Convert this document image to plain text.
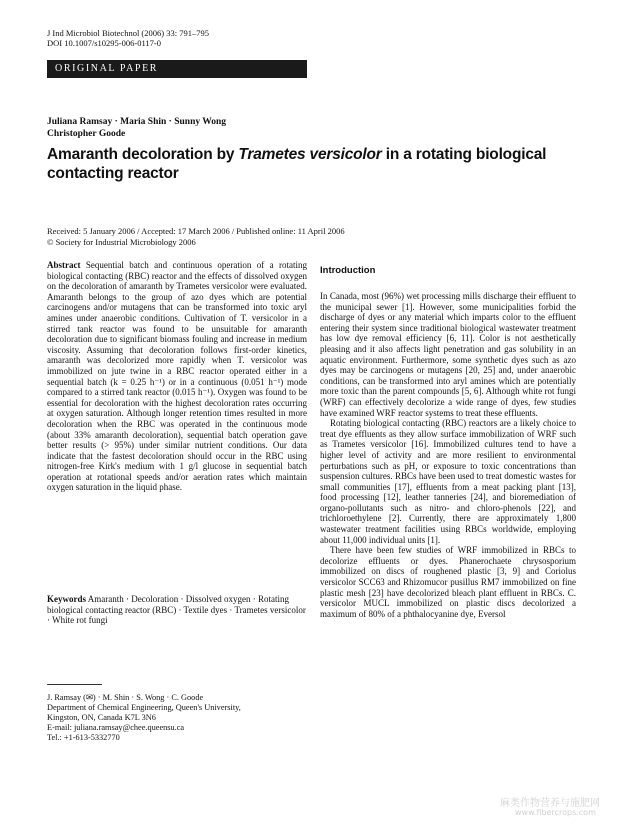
J Ind Microbiol Biotechnol (2006) 33: 791–795
DOI 10.1007/s10295-006-0117-0
ORIGINAL PAPER
Juliana Ramsay · Maria Shin · Sunny Wong
Christopher Goode
Amaranth decoloration by Trametes versicolor in a rotating biological contacting reactor
Received: 5 January 2006 / Accepted: 17 March 2006 / Published online: 11 April 2006
© Society for Industrial Microbiology 2006
Abstract Sequential batch and continuous operation of a rotating biological contacting (RBC) reactor and the effects of dissolved oxygen on the decoloration of amaranth by Trametes versicolor were evaluated. Amaranth belongs to the group of azo dyes which are potential carcinogens and/or mutagens that can be transformed into toxic aryl amines under anaerobic conditions. Cultivation of T. versicolor in a stirred tank reactor was found to be unsuitable for amaranth decoloration due to significant biomass fouling and increase in medium viscosity. Assuming that decoloration follows first-order kinetics, amaranth was decolorized more rapidly when T. versicolor was immobilized on jute twine in a RBC reactor operated either in a sequential batch (k = 0.25 h⁻¹) or in a continuous (0.051 h⁻¹) mode compared to a stirred tank reactor (0.015 h⁻¹). Oxygen was found to be essential for decoloration with the highest decoloration rates occurring at oxygen saturation. Although longer retention times resulted in more decoloration when the RBC was operated in the continuous mode (about 33% amaranth decoloration), sequential batch operation gave better results (> 95%) under similar nutrient conditions. Our data indicate that the fastest decoloration should occur in the RBC using nitrogen-free Kirk's medium with 1 g/l glucose in sequential batch operation at rotational speeds and/or aeration rates which maintain oxygen saturation in the liquid phase.
Keywords Amaranth · Decoloration · Dissolved oxygen · Rotating biological contacting reactor (RBC) · Textile dyes · Trametes versicolor · White rot fungi
J. Ramsay (✉) · M. Shin · S. Wong · C. Goode
Department of Chemical Engineering, Queen's University,
Kingston, ON, Canada K7L 3N6
E-mail: juliana.ramsay@chee.queensu.ca
Tel.: +1-613-5332770
Introduction

In Canada, most (96%) wet processing mills discharge their effluent to the municipal sewer [1]. However, some municipalities forbid the discharge of dyes or any material which imparts color to the effluent entering their system since traditional biological wastewater treatment has low dye removal efficiency [6, 11]. Color is not aesthetically pleasing and it also affects light penetration and gas solubility in an aquatic environment. Furthermore, some synthetic dyes such as azo dyes may be carcinogens or mutagens [20, 25] and, under anaerobic conditions, can be transformed into aryl amines which are potentially more toxic than the parent compounds [5, 6]. Although white rot fungi (WRF) can effectively decolorize a wide range of dyes, few studies have examined WRF reactor systems to treat these effluents.

Rotating biological contacting (RBC) reactors are a likely choice to treat dye effluents as they allow surface immobilization of WRF such as Trametes versicolor [16]. Immobilized cultures tend to have a higher level of activity and are more resilient to environmental perturbations such as pH, or exposure to toxic concentrations than suspension cultures. RBCs have been used to treat domestic wastes for small communities [17], effluents from a meat packing plant [13], food processing [12], leather tanneries [24], and bioremediation of organo-pollutants such as nitro- and chloro-phenols [22], and trichloroethylene [2]. Currently, there are approximately 1,800 wastewater treatment facilities using RBCs worldwide, employing about 11,000 individual units [1].

There have been few studies of WRF immobilized in RBCs to decolorize effluents or dyes. Phanerochaete chrysosporium immobilized on discs of roughened plastic [3, 9] and Coriolus versicolor SCC63 and Rhizomucor pusillus RM7 immobilized on fine plastic mesh [23] have decolorized bleach plant effluent in RBCs. C. versicolor MUCL immobilized on plastic discs decolorized a maximum of 80% of a phthalocyanine dye, Eversol

麻类作物营养与施肥网
www.fibercrops.com
